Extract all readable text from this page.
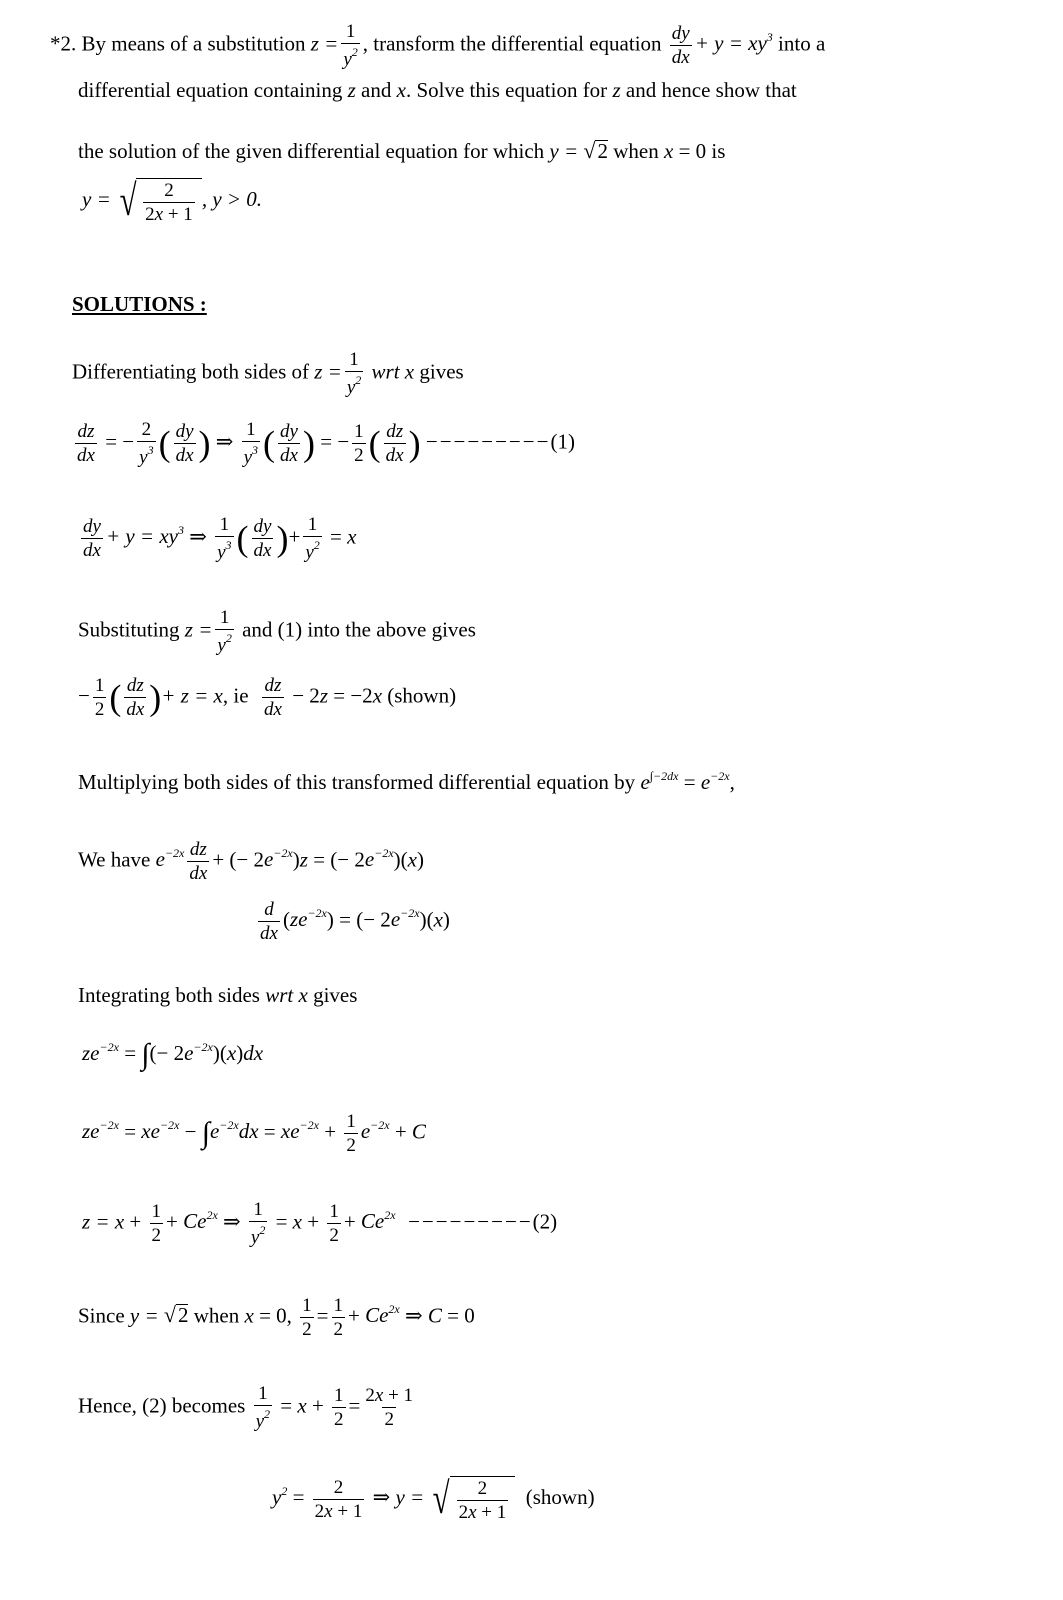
*2. By means of a substitution $z = \frac{1}{y^2}$ , transform the differential equation $\frac{dy}{dx} + y = xy^3$ into a
differential equation containing z and x. Solve this equation for z and hence show that
the solution of the given differential equation for which y = √ 2 when x = 0 is
y = √ $\frac{2}{2x + 1}$ , y > 0.
SOLUTIONS :
Differentiating both sides of $z = \frac{1}{y^2}$ wrt x gives
$\frac{dz}{dx}$ = − $\frac{2}{y^3}$ ( $\frac{dy}{dx}$ ) ⇒ $\frac{1}{y^3}$ ( $\frac{dy}{dx}$ ) = − $\frac{1}{2}$ ( $\frac{dz}{dx}$ ) −−−−−−−−−(1)
$\frac{dy}{dx} + y = xy^3$ ⇒ $\frac{1}{y^3}$ ( $\frac{dy}{dx}$ )+ $\frac{1}{y^2} = x$
Substituting $z = \frac{1}{y^2}$ and (1) into the above gives
− $\frac{1}{2}$ ( $\frac{dz}{dx}$ )+ z = x, ie $\frac{dz}{dx} - 2z = -2x$ (shown)
Multiplying both sides of this transformed differential equation by $e^{\int-2dx} = e^{-2x}$,
We have $e^{-2x} \frac{dz}{dx}$ + (− $2e^{-2x})z$ = (− $2e^{-2x})(x)$
$\frac{d}{dx} (ze^{-2x})$ = (− $2e^{-2x})(x)$
Integrating both sides wrt x gives
$ze^{-2x}$ = ∫(− $2e^{-2x})(x)dx$
$ze^{-2x} = xe^{-2x} - \int e^{-2x}dx = xe^{-2x} + \frac{1}{2} e^{-2x} + C$
$z = x + \frac{1}{2} + Ce^{2x}$ ⇒ $\frac{1}{y^2} = x + \frac{1}{2} + Ce^{2x} ---------(2)$
Since y = √ 2 when x = 0, $\frac{1}{2} = \frac{1}{2} + Ce^{2x}$ ⇒ C = 0
Hence, (2) becomes $\frac{1}{y^2} = x + \frac{1}{2} = \frac{2x + 1}{2}$
$y^2 = \frac{2}{2x + 1}$ ⇒ y = √ $\frac{2}{2x + 1}$ (shown)
